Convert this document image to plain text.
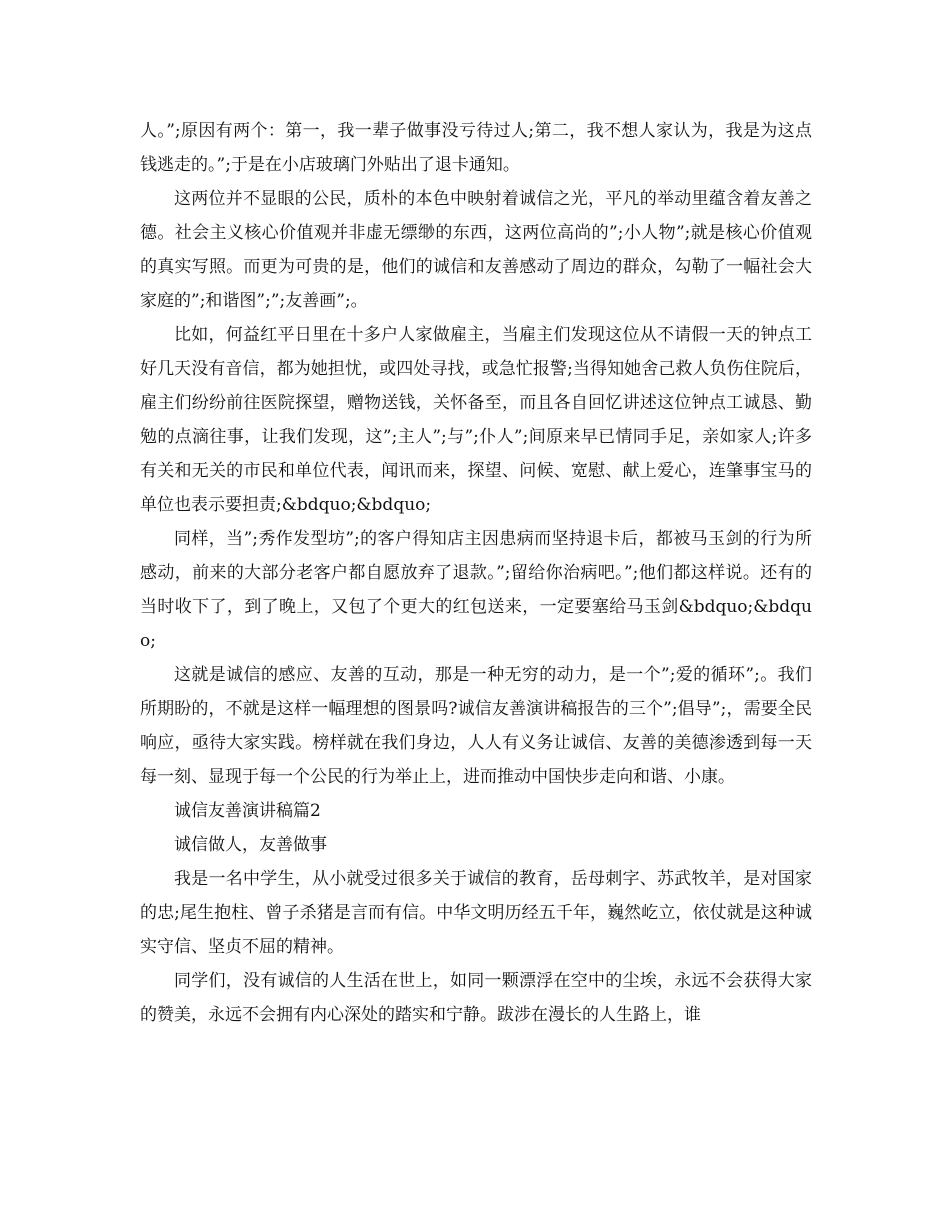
人。”;原因有两个：第一，我一辈子做事没亏待过人;第二，我不想人家认为，我是为这点钱逃走的。”;于是在小店玻璃门外贴出了退卡通知。

这两位并不显眼的公民，质朴的本色中映射着诚信之光，平凡的举动里蕴含着友善之德。社会主义核心价值观并非虚无缥缈的东西，这两位高尚的”;小人物”;就是核心价值观的真实写照。而更为可贵的是，他们的诚信和友善感动了周边的群众，勾勒了一幅社会大家庭的”;和谐图”;”;友善画”;。

比如，何益红平日里在十多户人家做雇主，当雇主们发现这位从不请假一天的钟点工好几天没有音信，都为她担忧，或四处寻找，或急忙报警;当得知她舍己救人负伤住院后，雇主们纷纷前往医院探望，赠物送钱，关怀备至，而且各自回忆讲述这位钟点工诚恳、勤勉的点滴往事，让我们发现，这”;主人”;与”;仆人”;间原来早已情同手足，亲如家人;许多有关和无关的市民和单位代表，闻讯而来，探望、问候、宽慰、献上爱心，连肇事宝马的单位也表示要担责;&bdquo;&bdquo;

同样，当”;秀作发型坊”;的客户得知店主因患病而坚持退卡后，都被马玉剑的行为所感动，前来的大部分老客户都自愿放弃了退款。”;留给你治病吧。”;他们都这样说。还有的当时收下了，到了晚上，又包了个更大的红包送来，一定要塞给马玉剑&bdquo;&bdquo;

这就是诚信的感应、友善的互动，那是一种无穷的动力，是一个”;爱的循环”;。我们所期盼的，不就是这样一幅理想的图景吗?诚信友善演讲稿报告的三个”;倡导”;，需要全民响应，亟待大家实践。榜样就在我们身边，人人有义务让诚信、友善的美德渗透到每一天每一刻、显现于每一个公民的行为举止上，进而推动中国快步走向和谐、小康。

诚信友善演讲稿篇2

诚信做人，友善做事

我是一名中学生，从小就受过很多关于诚信的教育，岳母刺字、苏武牧羊，是对国家的忠;尾生抱柱、曾子杀猪是言而有信。中华文明历经五千年，巍然屹立，依仗就是这种诚实守信、坚贞不屈的精神。

同学们，没有诚信的人生活在世上，如同一颗漂浮在空中的尘埃，永远不会获得大家的赞美，永远不会拥有内心深处的踏实和宁静。跋涉在漫长的人生路上，谁
